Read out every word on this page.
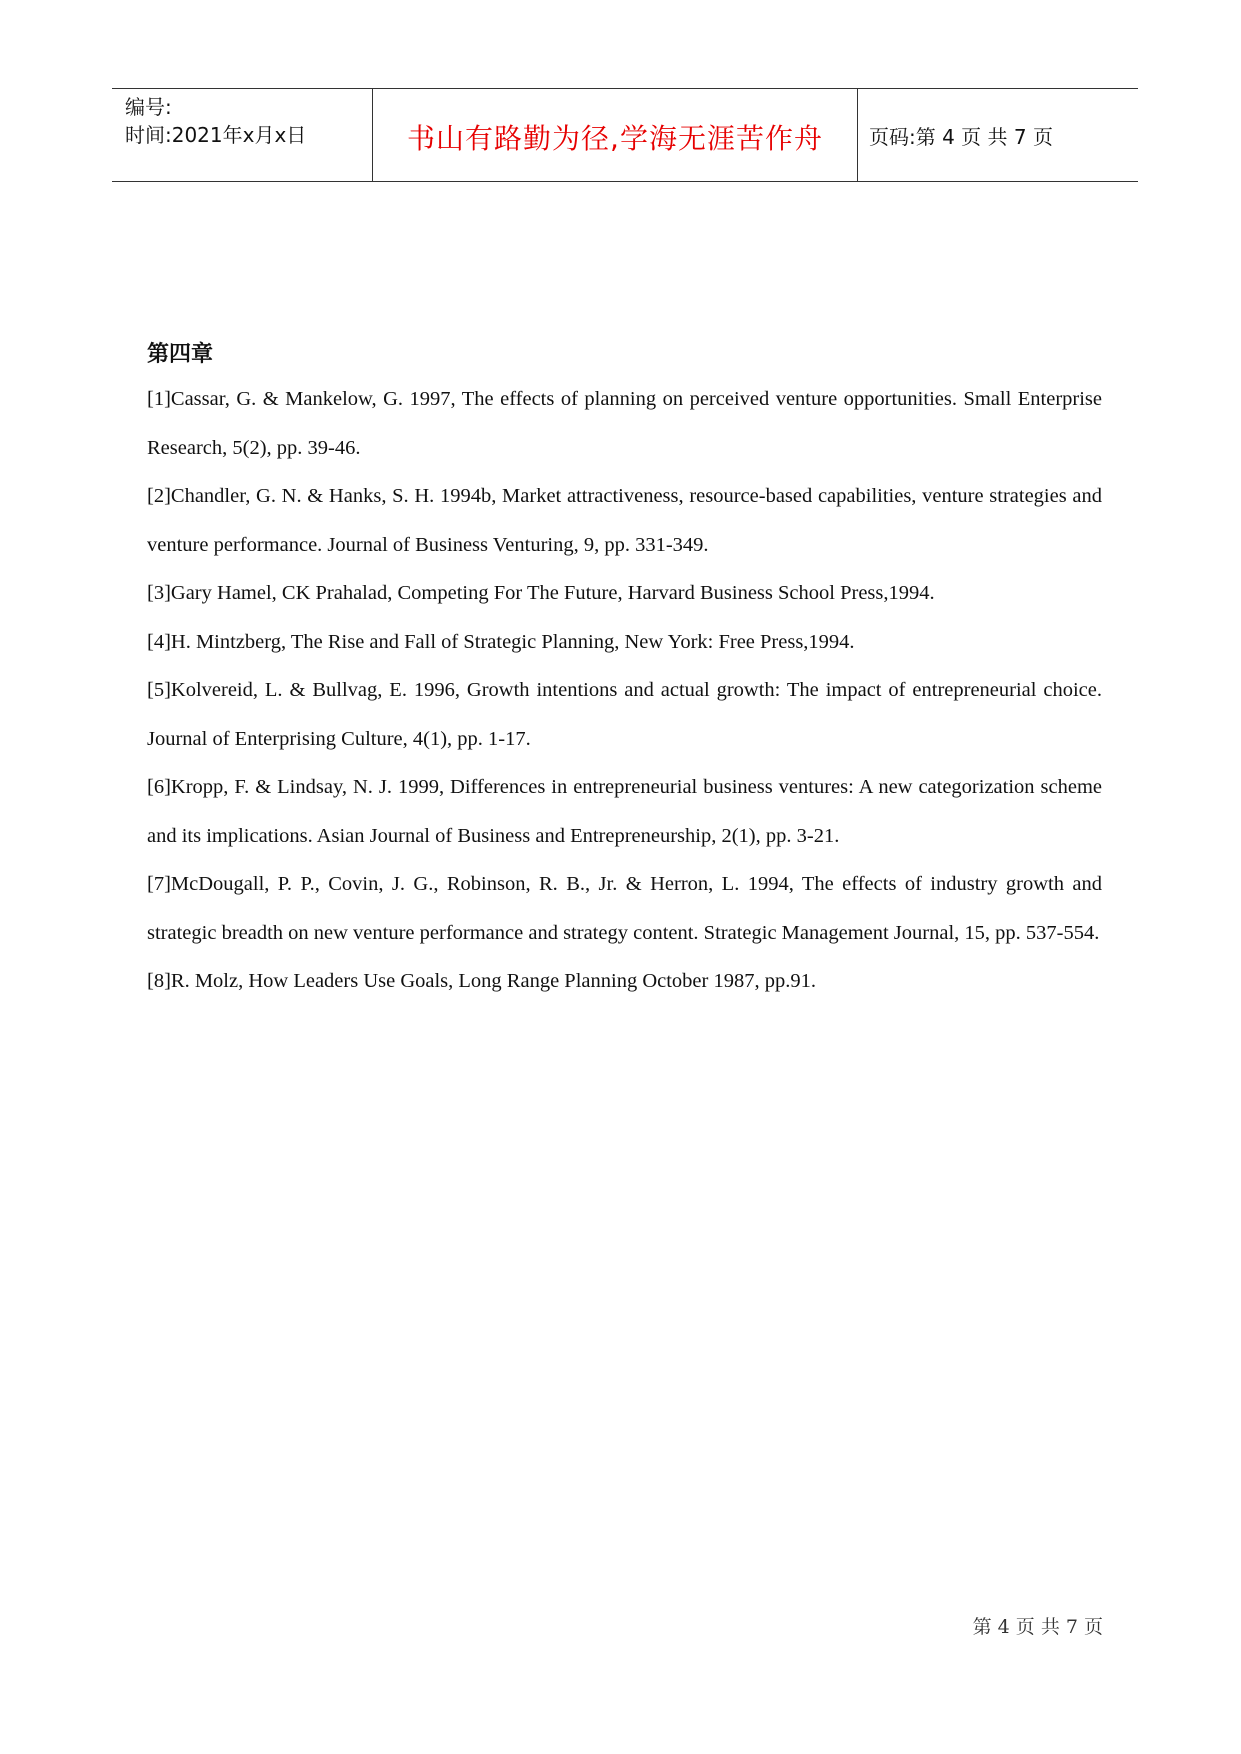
编号:
时间:2021年x月x日	书山有路勤为径,学海无涯苦作舟 页码:第 4 页 共 7 页
第四章

[1]Cassar, G. & Mankelow, G. 1997, The effects of planning on perceived venture opportunities. Small Enterprise Research, 5(2), pp. 39-46.

[2]Chandler, G. N. & Hanks, S. H. 1994b, Market attractiveness, resource-based capabilities, venture strategies and venture performance. Journal of Business Venturing, 9, pp. 331-349.

[3]Gary Hamel, CK Prahalad, Competing For The Future, Harvard Business School Press,1994.

[4]H. Mintzberg, The Rise and Fall of Strategic Planning, New York: Free Press,1994.

[5]Kolvereid, L. & Bullvag, E. 1996, Growth intentions and actual growth: The impact of entrepreneurial choice. Journal of Enterprising Culture, 4(1), pp. 1-17.

[6]Kropp, F. & Lindsay, N. J. 1999, Differences in entrepreneurial business ventures: A new categorization scheme and its implications. Asian Journal of Business and Entrepreneurship, 2(1), pp. 3-21.

[7]McDougall, P. P., Covin, J. G., Robinson, R. B., Jr. & Herron, L. 1994, The effects of industry growth and strategic breadth on new venture performance and strategy content. Strategic Management Journal, 15, pp. 537-554.

[8]R. Molz, How Leaders Use Goals, Long Range Planning October 1987, pp.91.

第 4 页 共 7 页
